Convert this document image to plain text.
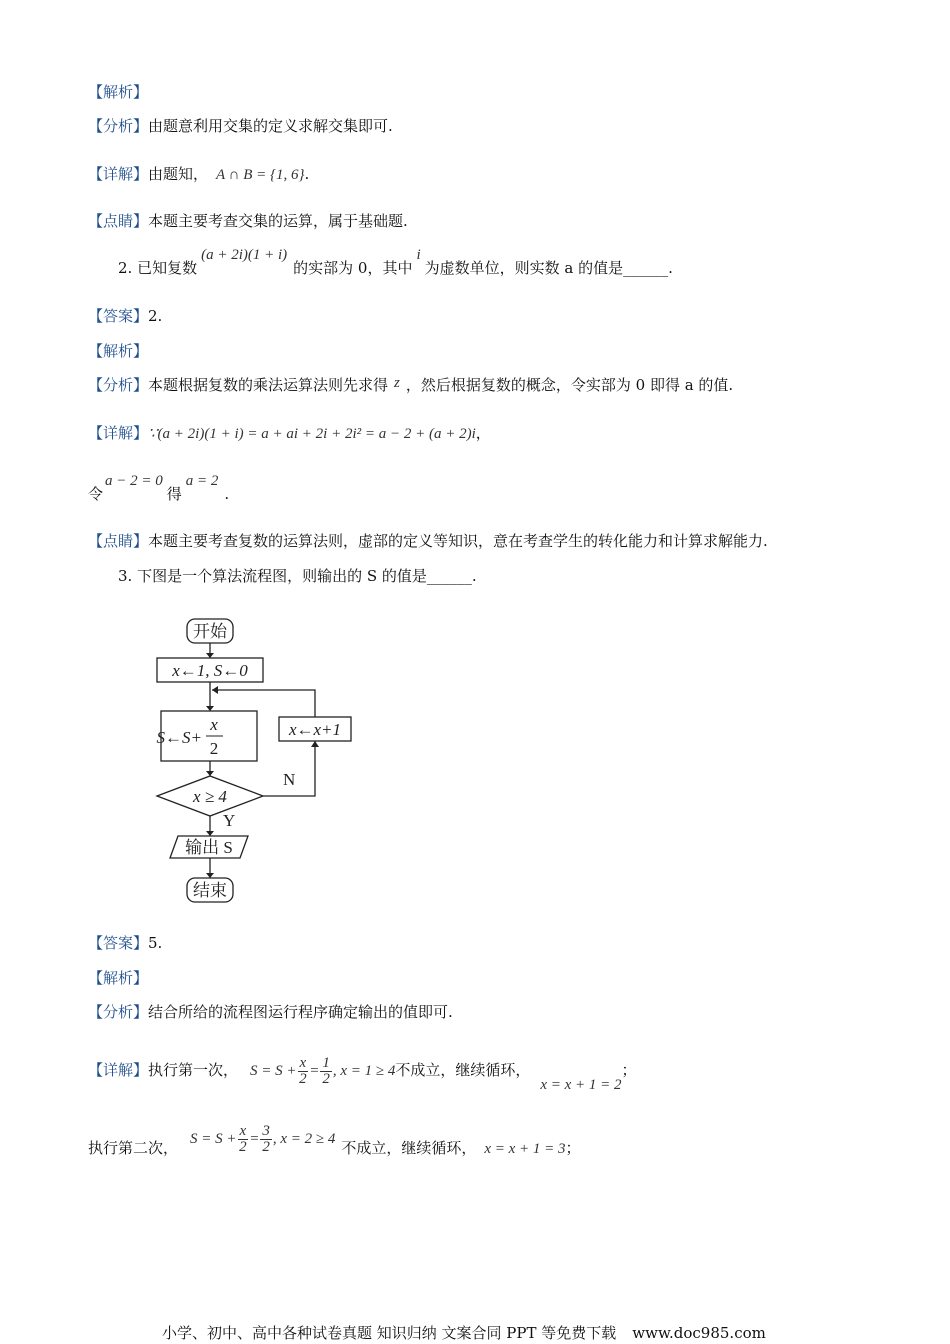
【解析】
【分析】由题意利用交集的定义求解交集即可.
【详解】由题知， A ∩ B = {1, 6}.
【点睛】本题主要考查交集的运算，属于基础题.
2. 已知复数(a + 2i)(1 + i)的实部为 0，其中i为虚数单位，则实数 a 的值是______.
【答案】2.
【解析】
【分析】本题根据复数的乘法运算法则先求得 z ，然后根据复数的概念，令实部为 0 即得 a 的值.
【详解】∵(a + 2i)(1 + i) = a + ai + 2i + 2i² = a − 2 + (a + 2)i，
令a − 2 = 0得a = 2.
【点睛】本题主要考查复数的运算法则，虚部的定义等知识，意在考查学生的转化能力和计算求解能力.
3. 下图是一个算法流程图，则输出的 S 的值是______.
开始
x←1, S←0
S←S+
x
2
x←x+1
x ≥ 4
N
Y
输出 S
结束
【答案】5.
【解析】
【分析】结合所给的流程图运行程序确定输出的值即可.
【详解】执行第一次， $S = S + \frac{x}{2} = \frac{1}{2}$ , x = 1 ≥ 4不成立，继续循环，x = x + 1 = 2；
执行第二次， $S = S + \frac{x}{2} = \frac{3}{2}$ , x = 2 ≥ 4 不成立，继续循环， x = x + 1 = 3；
小学、初中、高中各种试卷真题 知识归纳 文案合同 PPT 等免费下载 www.doc985.com
